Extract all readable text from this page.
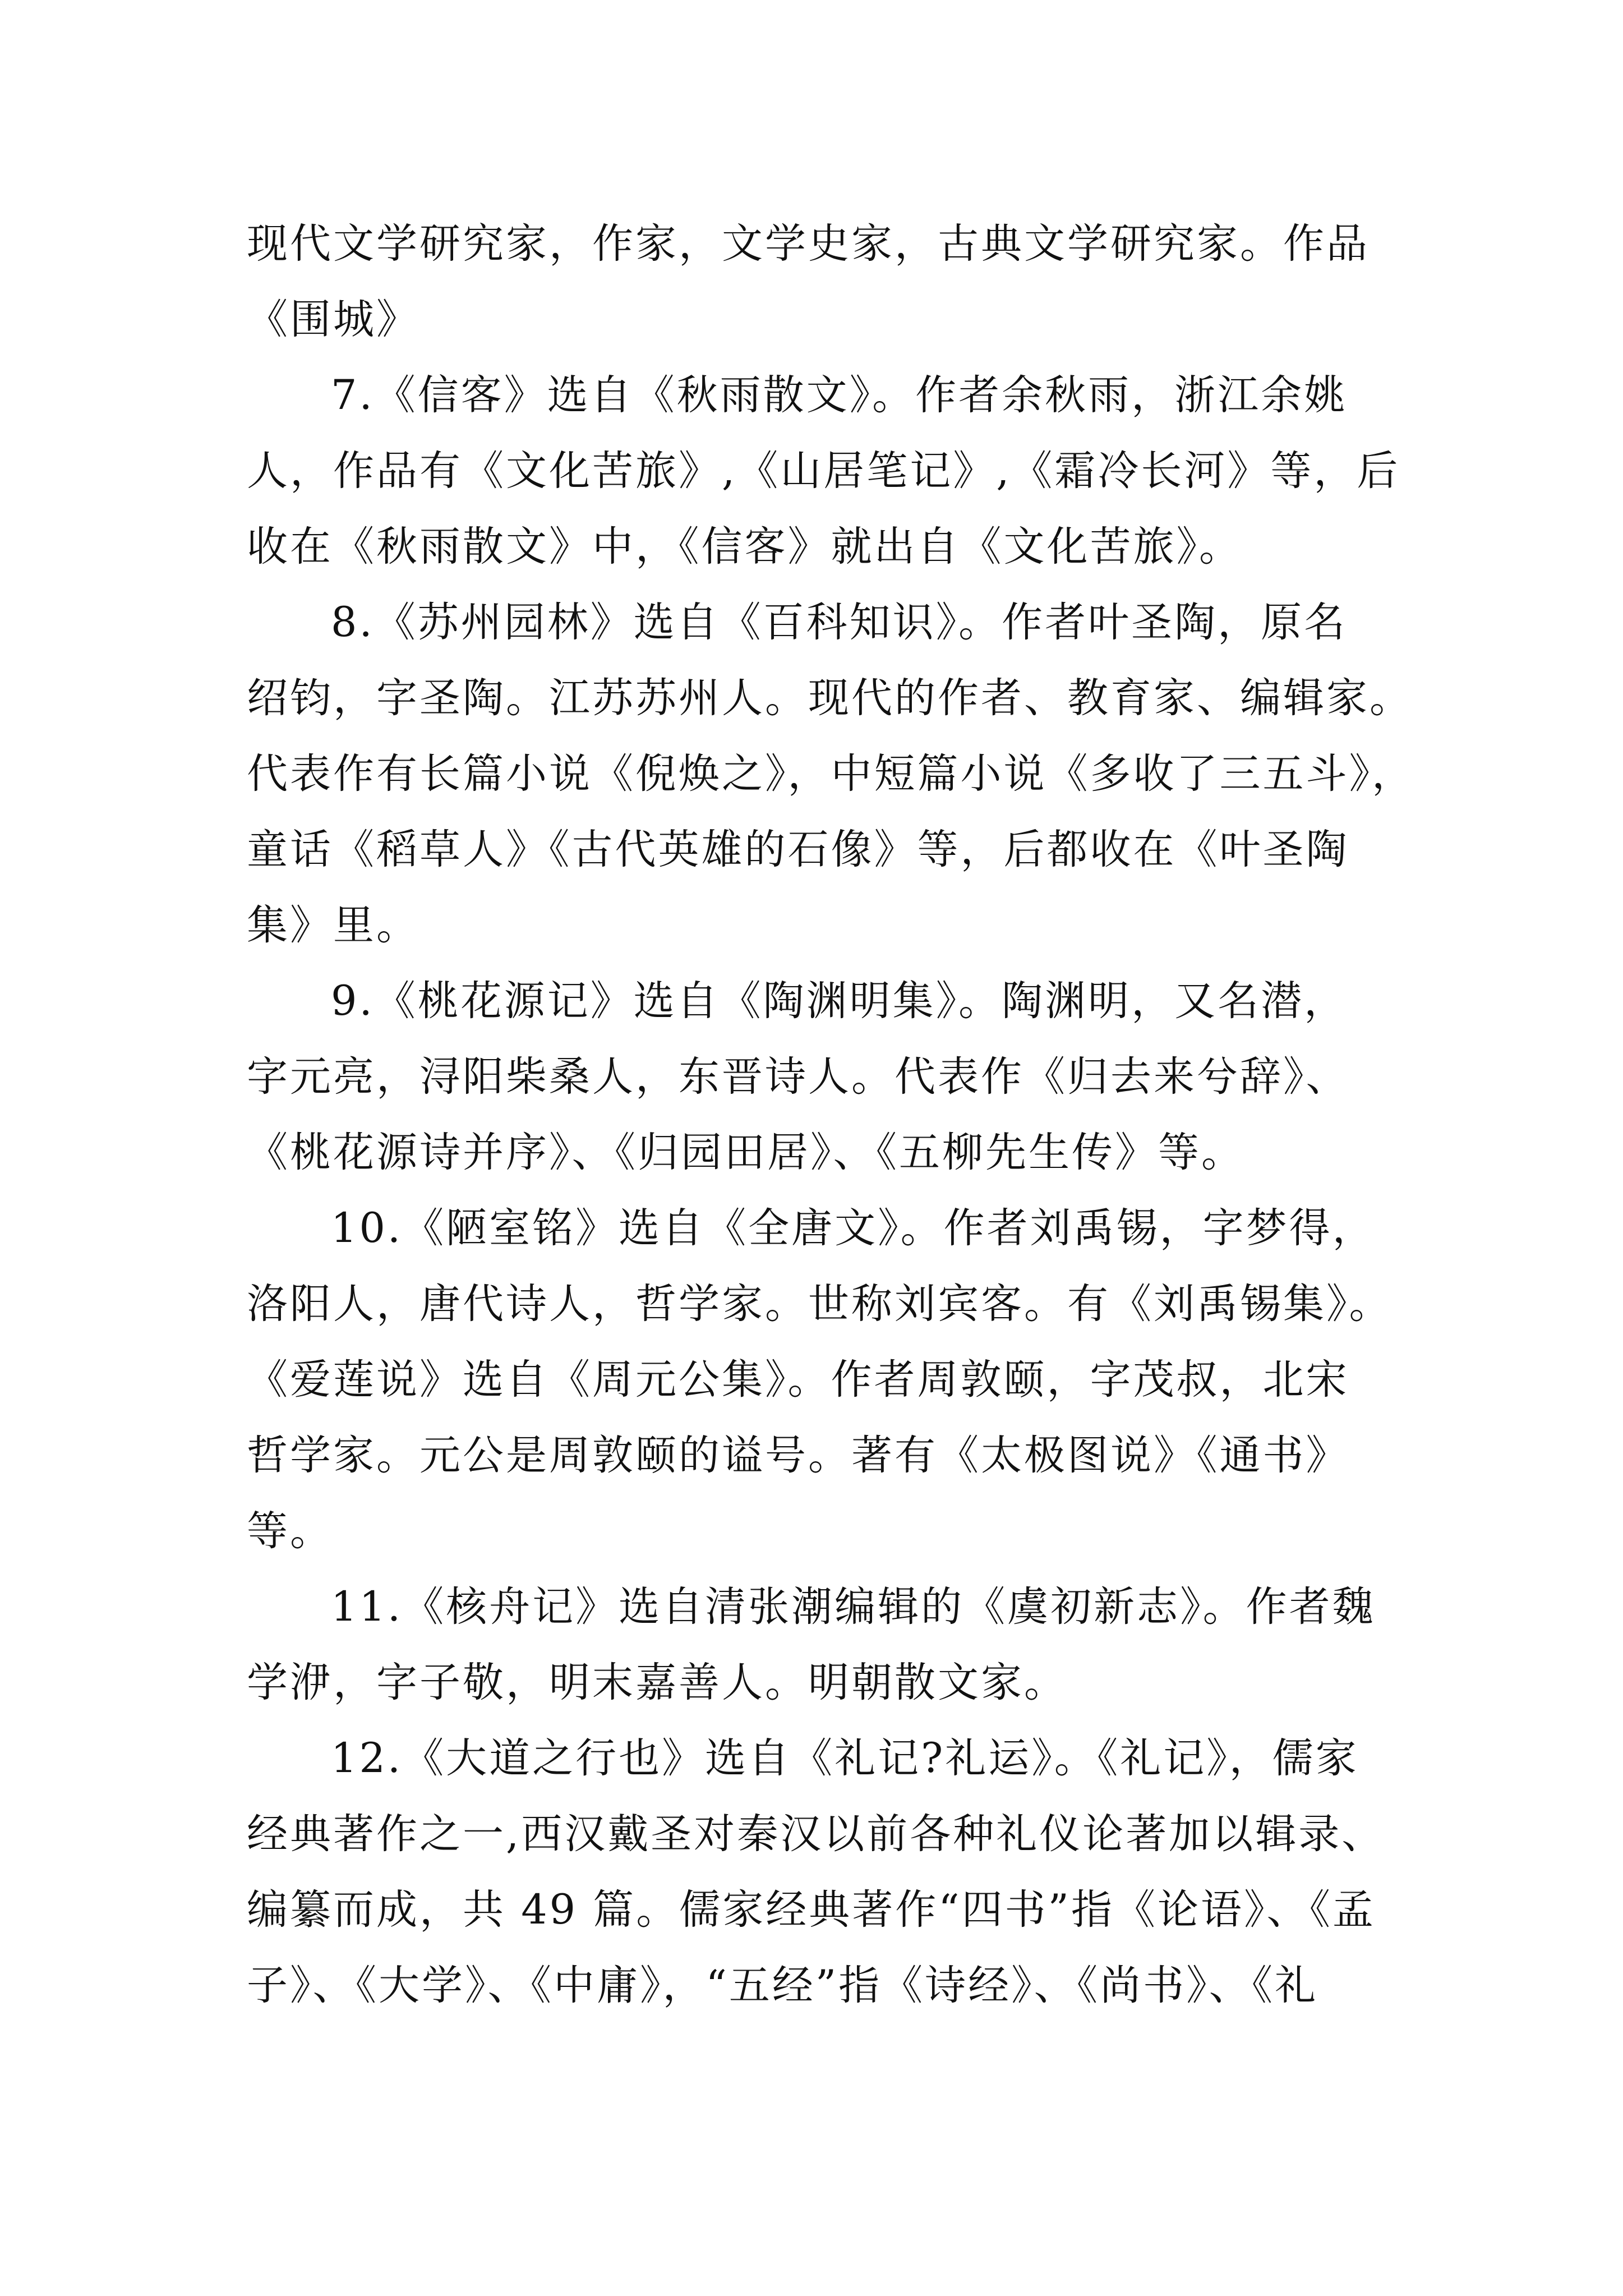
现代文学研究家，作家，文学史家，古典文学研究家。作品
《围城》
7.《信客》选自《秋雨散文》。作者余秋雨，浙江余姚
人，作品有《文化苦旅》,《山居笔记》,《霜冷长河》等，后
收在《秋雨散文》中，《信客》就出自《文化苦旅》。
8.《苏州园林》选自《百科知识》。作者叶圣陶，原名
绍钧，字圣陶。江苏苏州人。现代的作者、教育家、编辑家。
代表作有长篇小说《倪焕之》，中短篇小说《多收了三五斗》，
童话《稻草人》《古代英雄的石像》等，后都收在《叶圣陶
集》里。
9.《桃花源记》选自《陶渊明集》。陶渊明，又名潜，
字元亮，浔阳柴桑人，东晋诗人。代表作《归去来兮辞》、
《桃花源诗并序》、《归园田居》、《五柳先生传》等。
10.《陋室铭》选自《全唐文》。作者刘禹锡，字梦得，
洛阳人，唐代诗人，哲学家。世称刘宾客。有《刘禹锡集》。
《爱莲说》选自《周元公集》。作者周敦颐，字茂叔，北宋
哲学家。元公是周敦颐的谥号。著有《太极图说》《通书》
等。
11.《核舟记》选自清张潮编辑的《虞初新志》。作者魏
学洢，字子敬，明末嘉善人。明朝散文家。
12.《大道之行也》选自《礼记?礼运》。《礼记》，儒家
经典著作之一,西汉戴圣对秦汉以前各种礼仪论著加以辑录、
编纂而成，共 49 篇。儒家经典著作“四书”指《论语》、《孟
子》、《大学》、《中庸》，“五经”指《诗经》、《尚书》、《礼
